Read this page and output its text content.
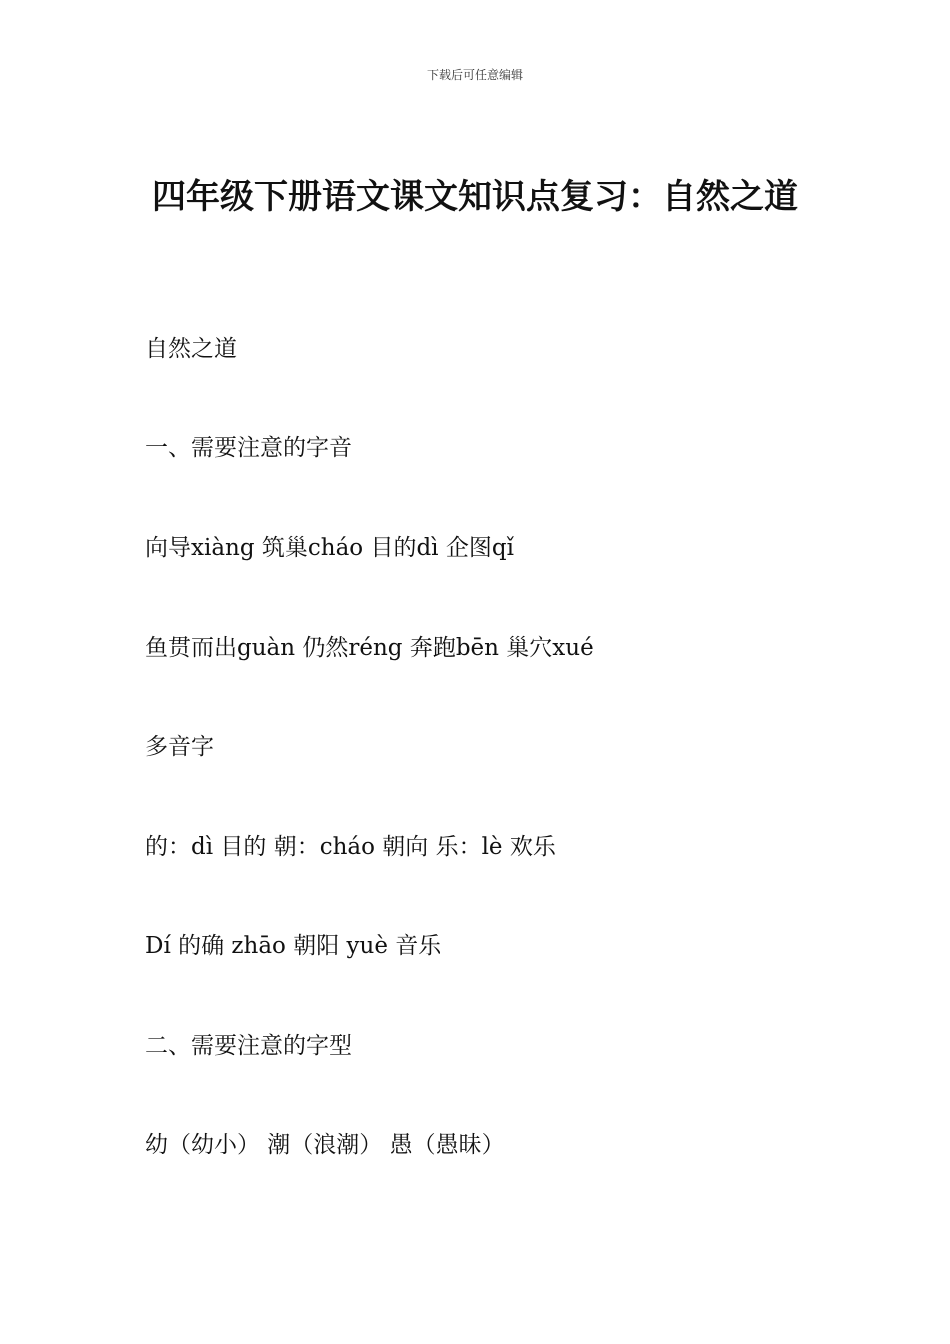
下载后可任意编辑
四年级下册语文课文知识点复习：自然之道
自然之道
一、需要注意的字音
向导xiàng 筑巢cháo 目的dì 企图qǐ
鱼贯而出guàn 仍然réng 奔跑bēn 巢穴xué
多音字
的：dì 目的 朝：cháo 朝向 乐：lè 欢乐
Dí 的确 zhāo 朝阳 yuè 音乐
二、需要注意的字型
幼（幼小） 潮（浪潮） 愚（愚昧）
